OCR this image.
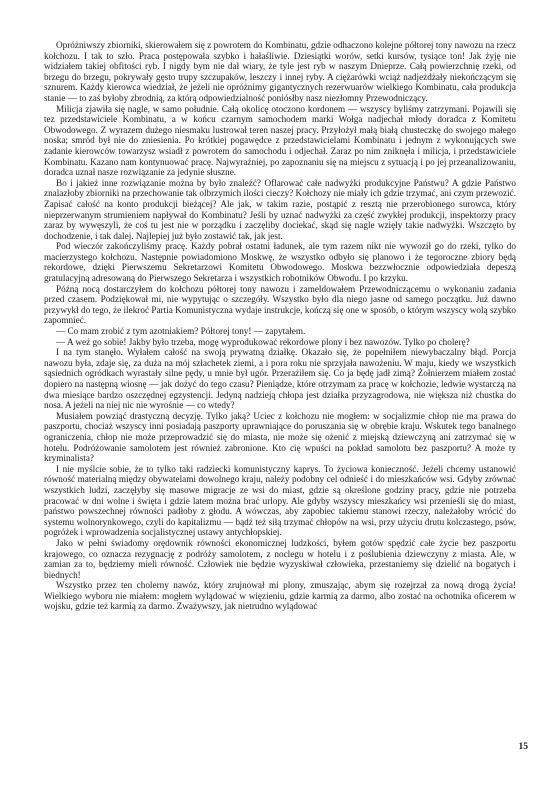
Opróżniwszy zbiorniki, skierowałem się z powrotem do Kombinatu, gdzie odhaczono kolejne półtorej tony nawozu na rzecz kołchozu. I tak to szło. Praca postępowała szybko i hałaśliwie. Dziesiątki worów, setki kursów, tysiące ton! Jak żyję nie widziałem takiej obfitości ryb. I nigdy bym nie dał wiary, że tyle jest ryb w naszym Dnieprze. Całą powierzchnię rzeki, od brzegu do brzegu, pokrywały gęsto trupy szczupaków, leszczy i innej ryby. A ciężarówki wciąż nadjeżdżały niekończącym się sznurem. Każdy kierowca wiedział, że jeżeli nie opróżnimy gigantycznych rezerwuarów wielkiego Kombinatu, cała produkcja stanie — to zaś byłoby zbrodnią, za którą odpowiedzialność poniósłby nasz niezłomny Przewodniczący.

Milicja zjawiła się nagle, w samo południe. Całą okolicę otoczono kordonem — wszyscy byliśmy zatrzymani. Pojawili się tez przedstawiciele Kombinatu, a w końcu czarnym samochodem marki Wołga nadjechał młody doradca z Komitetu Obwodowego. Z wyrazem dużego niesmaku lustrował teren naszej pracy. Przyłożył małą białą chusteczkę do swojego małego noska; smród był nie do zniesienia. Po krótkiej pogawędce z przedstawicielami Kombinatu i jednym z wykonujących swe zadanie kierowców towarzysz wsiadł z powrotem do samochodu i odjechał. Zaraz po nim zniknęła i milicja, i przedstawiciele Kombinatu. Kazano nam kontynuować pracę. Najwyraźniej, po zapoznaniu się na miejscu z sytuacją i po jej przeanalizowaniu, doradca uznał nasze rozwiązanie za jedynie słuszne.

Bo i jakież inne rozwiązanie można by było znaleźć? Oflarować całe nadwyżki produkcyjne Państwu? A gdzie Państwo znalazłoby zbiorniki na przechowanie tak olbrzymich ilości cieczy? Kołchozy nie miały ich gdzie trzymać, ani czym przewozić. Zapisać całość na konto produkcji bieżącej? Ale jak, w takim razie, postąpić z resztą nie przerobionego surowca, który nieprzerwanym strumieniem napływał do Kombinatu? Jeśli by uznać nadwyżki za część zwykłej produkcji, inspektorzy pracy zaraz by wywęszyli, że coś tu jest nie w porządku i zaczęliby dociekać, skąd się nagle wzięły takie nadwyżki. Wszczęto by dochodzenie, i tak dalej. Najlepiej już było zostawić tak, jak jest.

Pod wieczór zakończyliśmy pracę. Każdy pobrał ostatni ładunek, ale tym razem nikt nie wywoził go do rzeki, tylko do macierzystego kołchozu. Następnie powiadomiono Moskwę, że wszystko odbyło się planowo i że tegoroczne zbiory będą rekordowe, dzięki Pierwszemu Sekretarzowi Komitetu Obwodowego. Moskwa bezzwłocznie odpowiedziała depeszą gratulacyjną adresowaną do Pierwszego Sekretarza i wszystkich robotników Obwodu. I po krzyku.

Późną nocą dostarczyłem do kołchozu półtorej tony nawozu i zameldowałem Przewodniczącemu o wykonaniu zadania przed czasem. Podziękował mi, nie wypytując o szczegóły. Wszystko było dla niego jasne od samego początku. Już dawno przywykł do tego, że ilekroć Partia Komunistyczna wydaje instrukcje, kończą się one w sposób, o którym wszyscy wolą szybko zapomnieć.

— Co mam zrobić z tym azotniakiem? Półtorej tony! — zapytałem.

— A weź go sobie! Jakby było trzeba, mogę wyprodukować rekordowe plony i bez nawozów. Tylko po cholerę?

I na tym stanęło. Wyłałem całość na swoją prywatną działkę. Okazało się, że popełniłem niewybaczalny błąd. Porcja nawozu była, zdaje się, za duża na mój szłachetek ziemi, a i pora roku nie sprzyjała nawożeniu. W maju, kiedy we wszystkich sąsiednich ogródkach wyrastały silne pędy, u mnie był ugór. Przerażiłem się. Co ja będę jadł zimą? Żołnierzem miałem zostać dopiero na następną wiosnę — jak dożyć do tego czasu? Pieniądze, które otrzymam za pracę w kołchozie, ledwie wystarczą na dwa miesiące bardzo oszczędnej egzystencji. Jedyną nadzieją chłopa jest działka przyzagrodowa, nie większa niż chustka do nosa. A jeżeli na niej nic nie wyrośnie — co wtedy?

Musiałem powziąć drastyczną decyzję. Tylko jaką? Uciec z kołchozu nie mogłem: w socjalizmie chłop nie ma prawa do paszportu, chociaż wszyscy inni posiadają paszporty uprawniające do poruszania się w obrębie kraju. Wskutek tego banalnego ograniczenia, chłop nie może przeprowadzić się do miasta, nie może się ożenić z miejską dziewczyną ani zatrzymać się w hotelu. Podróżowanie samolotem jest również zabronione. Kto cię wpuści na pokład samolotu bez paszportu? A może ty kryminalista?

I nie myślcie sobie, że to tylko taki radziecki komunistyczny kaprys. To życiowa konieczność. Jeżeli chcemy ustanowić równość materialną między obywatelami dowolnego kraju, należy podobny cel odnieść i do mieszkańców wsi. Gdyby zrównać wszystkich ludzi, zaczęłyby się masowe migracje ze wsi do miast, gdzie są określone godziny pracy, gdzie nie potrzeba pracować w dni wolne i święta i gdzie latem można brać urlopy. Ale gdyby wszyscy mieszkańcy wsi przenieśli się do miast, państwo powszechnej równości padłoby z głodu. A wówczas, aby zapobiec takiemu stanowi rzeczy, należałoby wrócić do systemu wolnorynkowego, czyli do kapitalizmu — bądź też siłą trzymać chłopów na wsi, przy użyciu drutu kolczastego, psów, pogróżek i wprowadzenia socjalistycznej ustawy antychłopskiej.

Jako w pełni świadomy orędownik równości ekonomicznej ludzkości, byłem gotów spędzić całe życie bez paszportu krajowego, co oznacza rezygnację z podróży samolotem, z noclegu w hotelu i z poślubienia dziewczyny z miasta. Ale, w zamian za to, będziemy mieli równość. Człowiek nie będzie wyzyskiwał człowieka, przestaniemy się dzielić na bogatych i biednych!

Wszystko przez ten cholerny nawóz, który zrujnował mi plony, zmuszając, abym się rozejrzał za nową drogą życia! Wielkiego wyboru nie miałem: mogłem wylądować w więzieniu, gdzie karmią za darmo, albo zostać na ochotnika oficerem w wojsku, gdzie też karmią za darmo. Zważywszy, jak nietrudno wylądować

15
